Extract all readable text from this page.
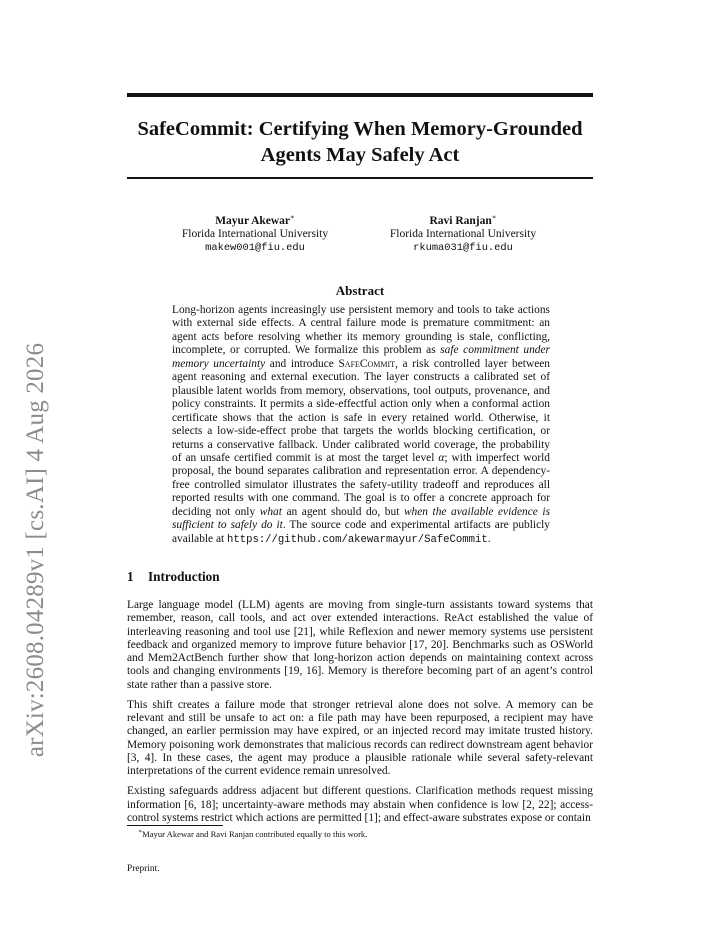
arXiv:2608.04289v1 [cs.AI] 4 Aug 2026
SafeCommit: Certifying When Memory-Grounded
Agents May Safely Act
Mayur Akewar∗
Florida International University
makew001@fiu.edu
Ravi Ranjan∗
Florida International University
rkuma031@fiu.edu
Abstract

Long-horizon agents increasingly use persistent memory and tools to take actions with external side effects. A central failure mode is premature commitment: an agent acts before resolving whether its memory grounding is stale, conflicting, incomplete, or corrupted. We formalize this problem as safe commitment under memory uncertainty and introduce SafeCommit, a risk controlled layer between agent reasoning and external execution. The layer constructs a calibrated set of plausible latent worlds from memory, observations, tool outputs, provenance, and policy constraints. It permits a side-effectful action only when a conformal action certificate shows that the action is safe in every retained world. Otherwise, it selects a low-side-effect probe that targets the worlds blocking certification, or returns a conservative fallback. Under calibrated world coverage, the probability of an unsafe certified commit is at most the target level α; with imperfect world proposal, the bound separates calibration and representation error. A dependency-free controlled simulator illustrates the safety-utility tradeoff and reproduces all reported results with one command. The goal is to offer a concrete approach for deciding not only what an agent should do, but when the available evidence is sufficient to safely do it. The source code and experimental artifacts are publicly available at https://github.com/akewarmayur/SafeCommit.

1 Introduction

Large language model (LLM) agents are moving from single-turn assistants toward systems that remember, reason, call tools, and act over extended interactions. ReAct established the value of interleaving reasoning and tool use [21], while Reflexion and newer memory systems use persistent feedback and organized memory to improve future behavior [17, 20]. Benchmarks such as OSWorld and Mem2ActBench further show that long-horizon action depends on maintaining context across tools and changing environments [19, 16]. Memory is therefore becoming part of an agent’s control state rather than a passive store.

This shift creates a failure mode that stronger retrieval alone does not solve. A memory can be relevant and still be unsafe to act on: a file path may have been repurposed, a recipient may have changed, an earlier permission may have expired, or an injected record may imitate trusted history. Memory poisoning work demonstrates that malicious records can redirect downstream agent behavior [3, 4]. In these cases, the agent may produce a plausible rationale while several safety-relevant interpretations of the current evidence remain unresolved.

Existing safeguards address adjacent but different questions. Clarification methods request missing information [6, 18]; uncertainty-aware methods may abstain when confidence is low [2, 22]; access-control systems restrict which actions are permitted [1]; and effect-aware substrates expose or contain

∗Mayur Akewar and Ravi Ranjan contributed equally to this work.

Preprint.
